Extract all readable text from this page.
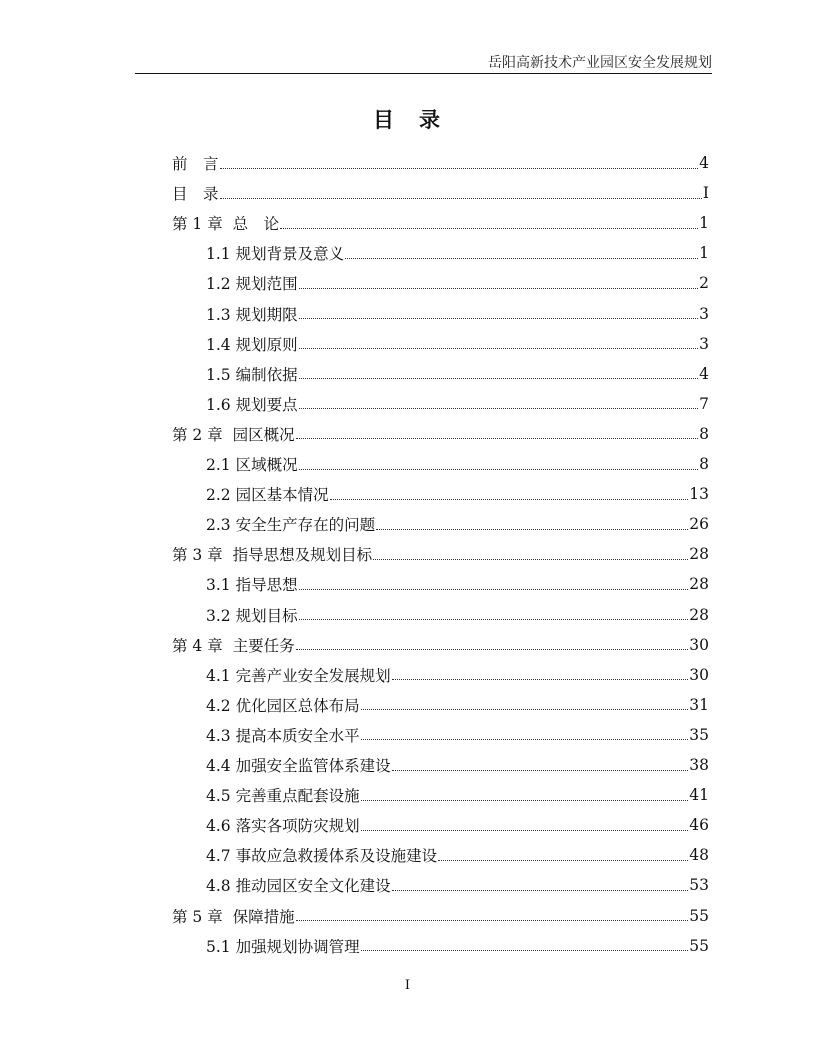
岳阳高新技术产业园区安全发展规划
目　录
前　言	4
目　录	I
第 1 章  总　论	1
1.1 规划背景及意义	1
1.2 规划范围	2
1.3 规划期限	3
1.4 规划原则	3
1.5 编制依据	4
1.6 规划要点	7
第 2 章  园区概况	8
2.1 区域概况	8
2.2 园区基本情况	13
2.3 安全生产存在的问题	26
第 3 章  指导思想及规划目标	28
3.1 指导思想	28
3.2 规划目标	28
第 4 章  主要任务	30
4.1 完善产业安全发展规划	30
4.2 优化园区总体布局	31
4.3 提高本质安全水平	35
4.4 加强安全监管体系建设	38
4.5 完善重点配套设施	41
4.6 落实各项防灾规划	46
4.7 事故应急救援体系及设施建设	48
4.8 推动园区安全文化建设	53
第 5 章  保障措施	55
5.1 加强规划协调管理	55
I
